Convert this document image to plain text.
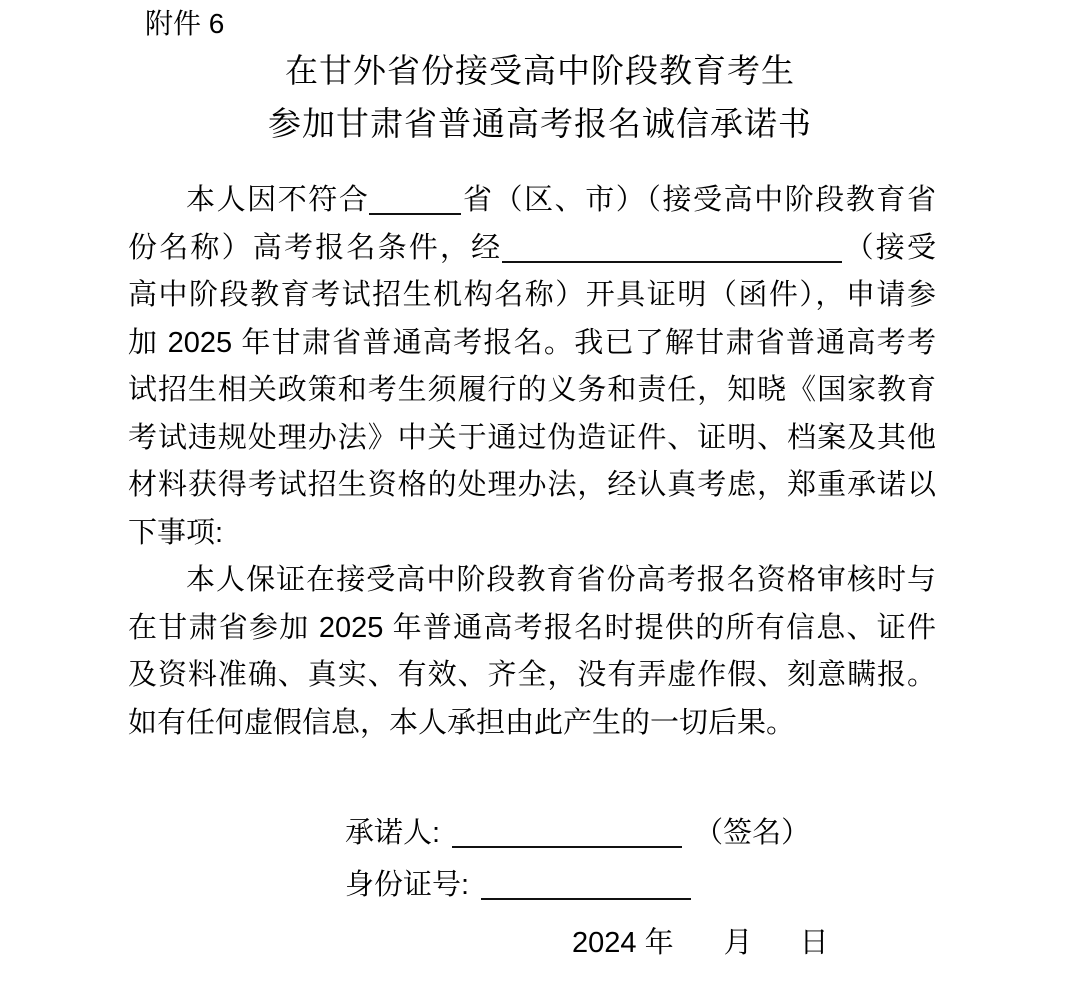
附件 6
在甘外省份接受高中阶段教育考生
参加甘肃省普通高考报名诚信承诺书
本人因不符合	省（区、市）（接受高中阶段教育省
份名称）高考报名条件，经	（接受
高中阶段教育考试招生机构名称）开具证明（函件），申请参
加 2025 年甘肃省普通高考报名。我已了解甘肃省普通高考考
试招生相关政策和考生须履行的义务和责任，知晓《国家教育
考试违规处理办法》中关于通过伪造证件、证明、档案及其他
材料获得考试招生资格的处理办法，经认真考虑，郑重承诺以
下事项:
本人保证在接受高中阶段教育省份高考报名资格审核时与
在甘肃省参加 2025 年普通高考报名时提供的所有信息、证件
及资料准确、真实、有效、齐全，没有弄虚作假、刻意瞒报。
如有任何虚假信息，本人承担由此产生的一切后果。
承诺人:	（签名）
身份证号:
2024 年 月 日
